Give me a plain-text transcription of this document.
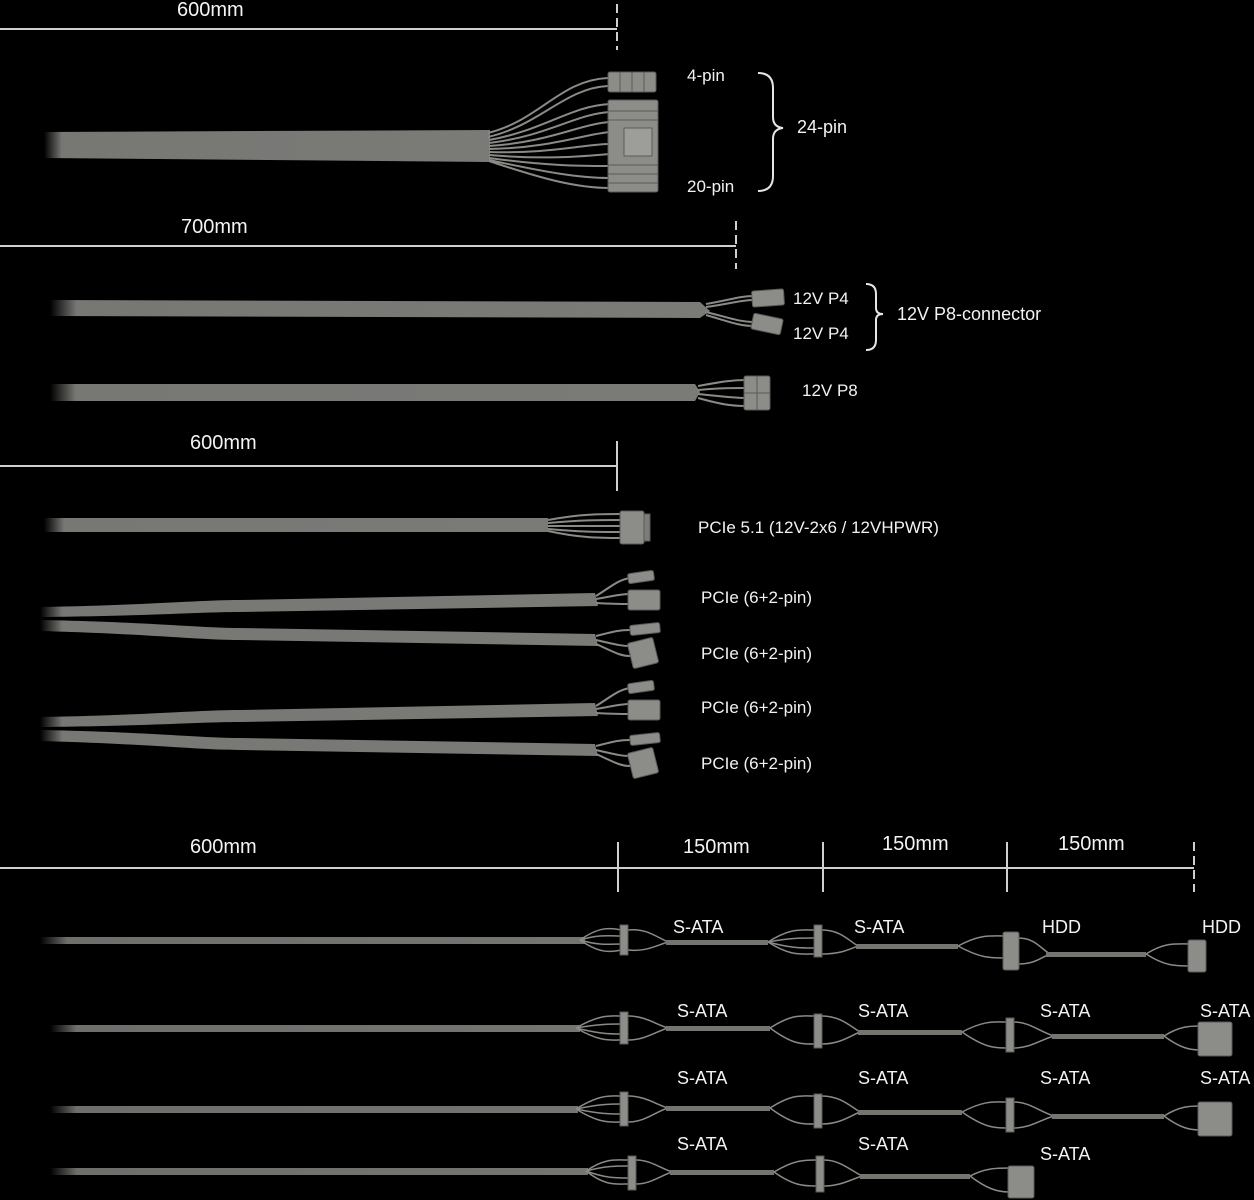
600mm
4-pin
20-pin
24-pin
700mm
12V P4
12V P4
12V P8-connector
12V P8
600mm
PCIe 5.1 (12V-2x6 / 12VHPWR)
PCIe (6+2-pin)
PCIe (6+2-pin)
PCIe (6+2-pin)
PCIe (6+2-pin)
600mm	150mm	150mm	150mm
S-ATA	S-ATA	HDD	HDD
S-ATA	S-ATA	S-ATA	S-ATA
S-ATA	S-ATA	S-ATA	S-ATA
S-ATA	S-ATA	S-ATA
